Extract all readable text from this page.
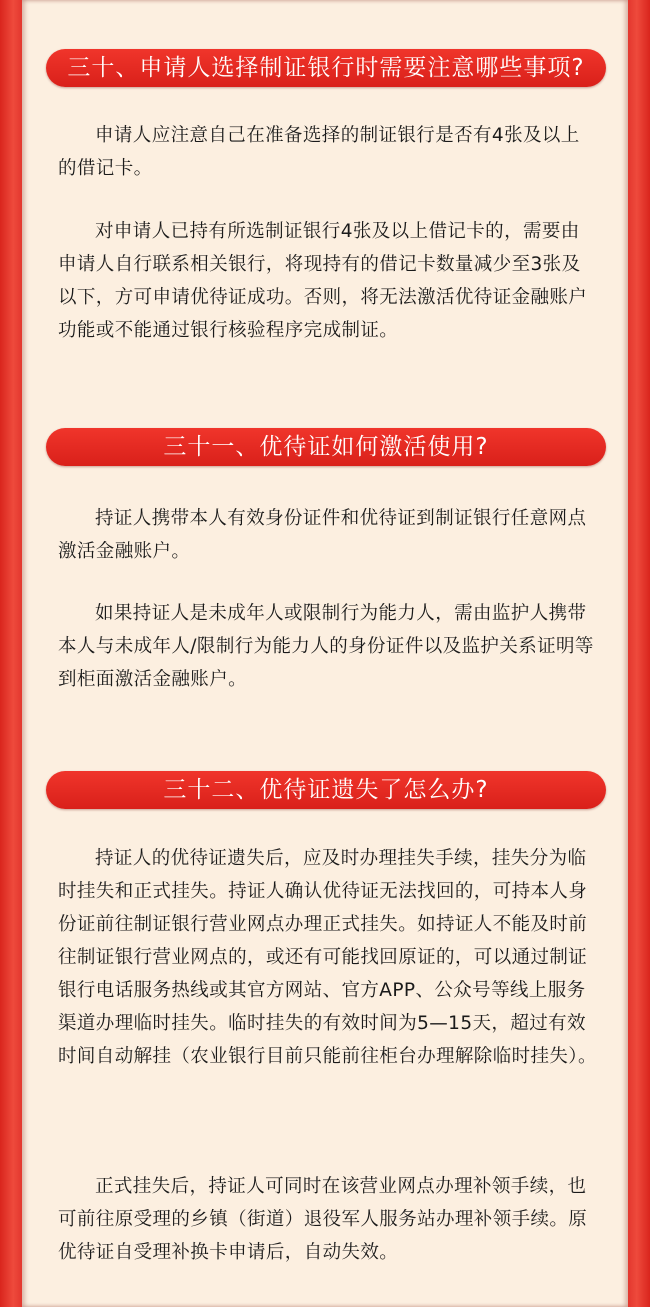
三十、申请人选择制证银行时需要注意哪些事项?

申请人应注意自己在准备选择的制证银行是否有4张及以上的借记卡。

对申请人已持有所选制证银行4张及以上借记卡的，需要由申请人自行联系相关银行，将现持有的借记卡数量减少至3张及以下，方可申请优待证成功。否则，将无法激活优待证金融账户功能或不能通过银行核验程序完成制证。

三十一、优待证如何激活使用?

持证人携带本人有效身份证件和优待证到制证银行任意网点激活金融账户。

如果持证人是未成年人或限制行为能力人，需由监护人携带本人与未成年人/限制行为能力人的身份证件以及监护关系证明等到柜面激活金融账户。

三十二、优待证遗失了怎么办?

持证人的优待证遗失后，应及时办理挂失手续，挂失分为临时挂失和正式挂失。持证人确认优待证无法找回的，可持本人身份证前往制证银行营业网点办理正式挂失。如持证人不能及时前往制证银行营业网点的，或还有可能找回原证的，可以通过制证银行电话服务热线或其官方网站、官方APP、公众号等线上服务渠道办理临时挂失。临时挂失的有效时间为5—15天，超过有效时间自动解挂（农业银行目前只能前往柜台办理解除临时挂失）。

正式挂失后，持证人可同时在该营业网点办理补领手续，也可前往原受理的乡镇（街道）退役军人服务站办理补领手续。原优待证自受理补换卡申请后，自动失效。
